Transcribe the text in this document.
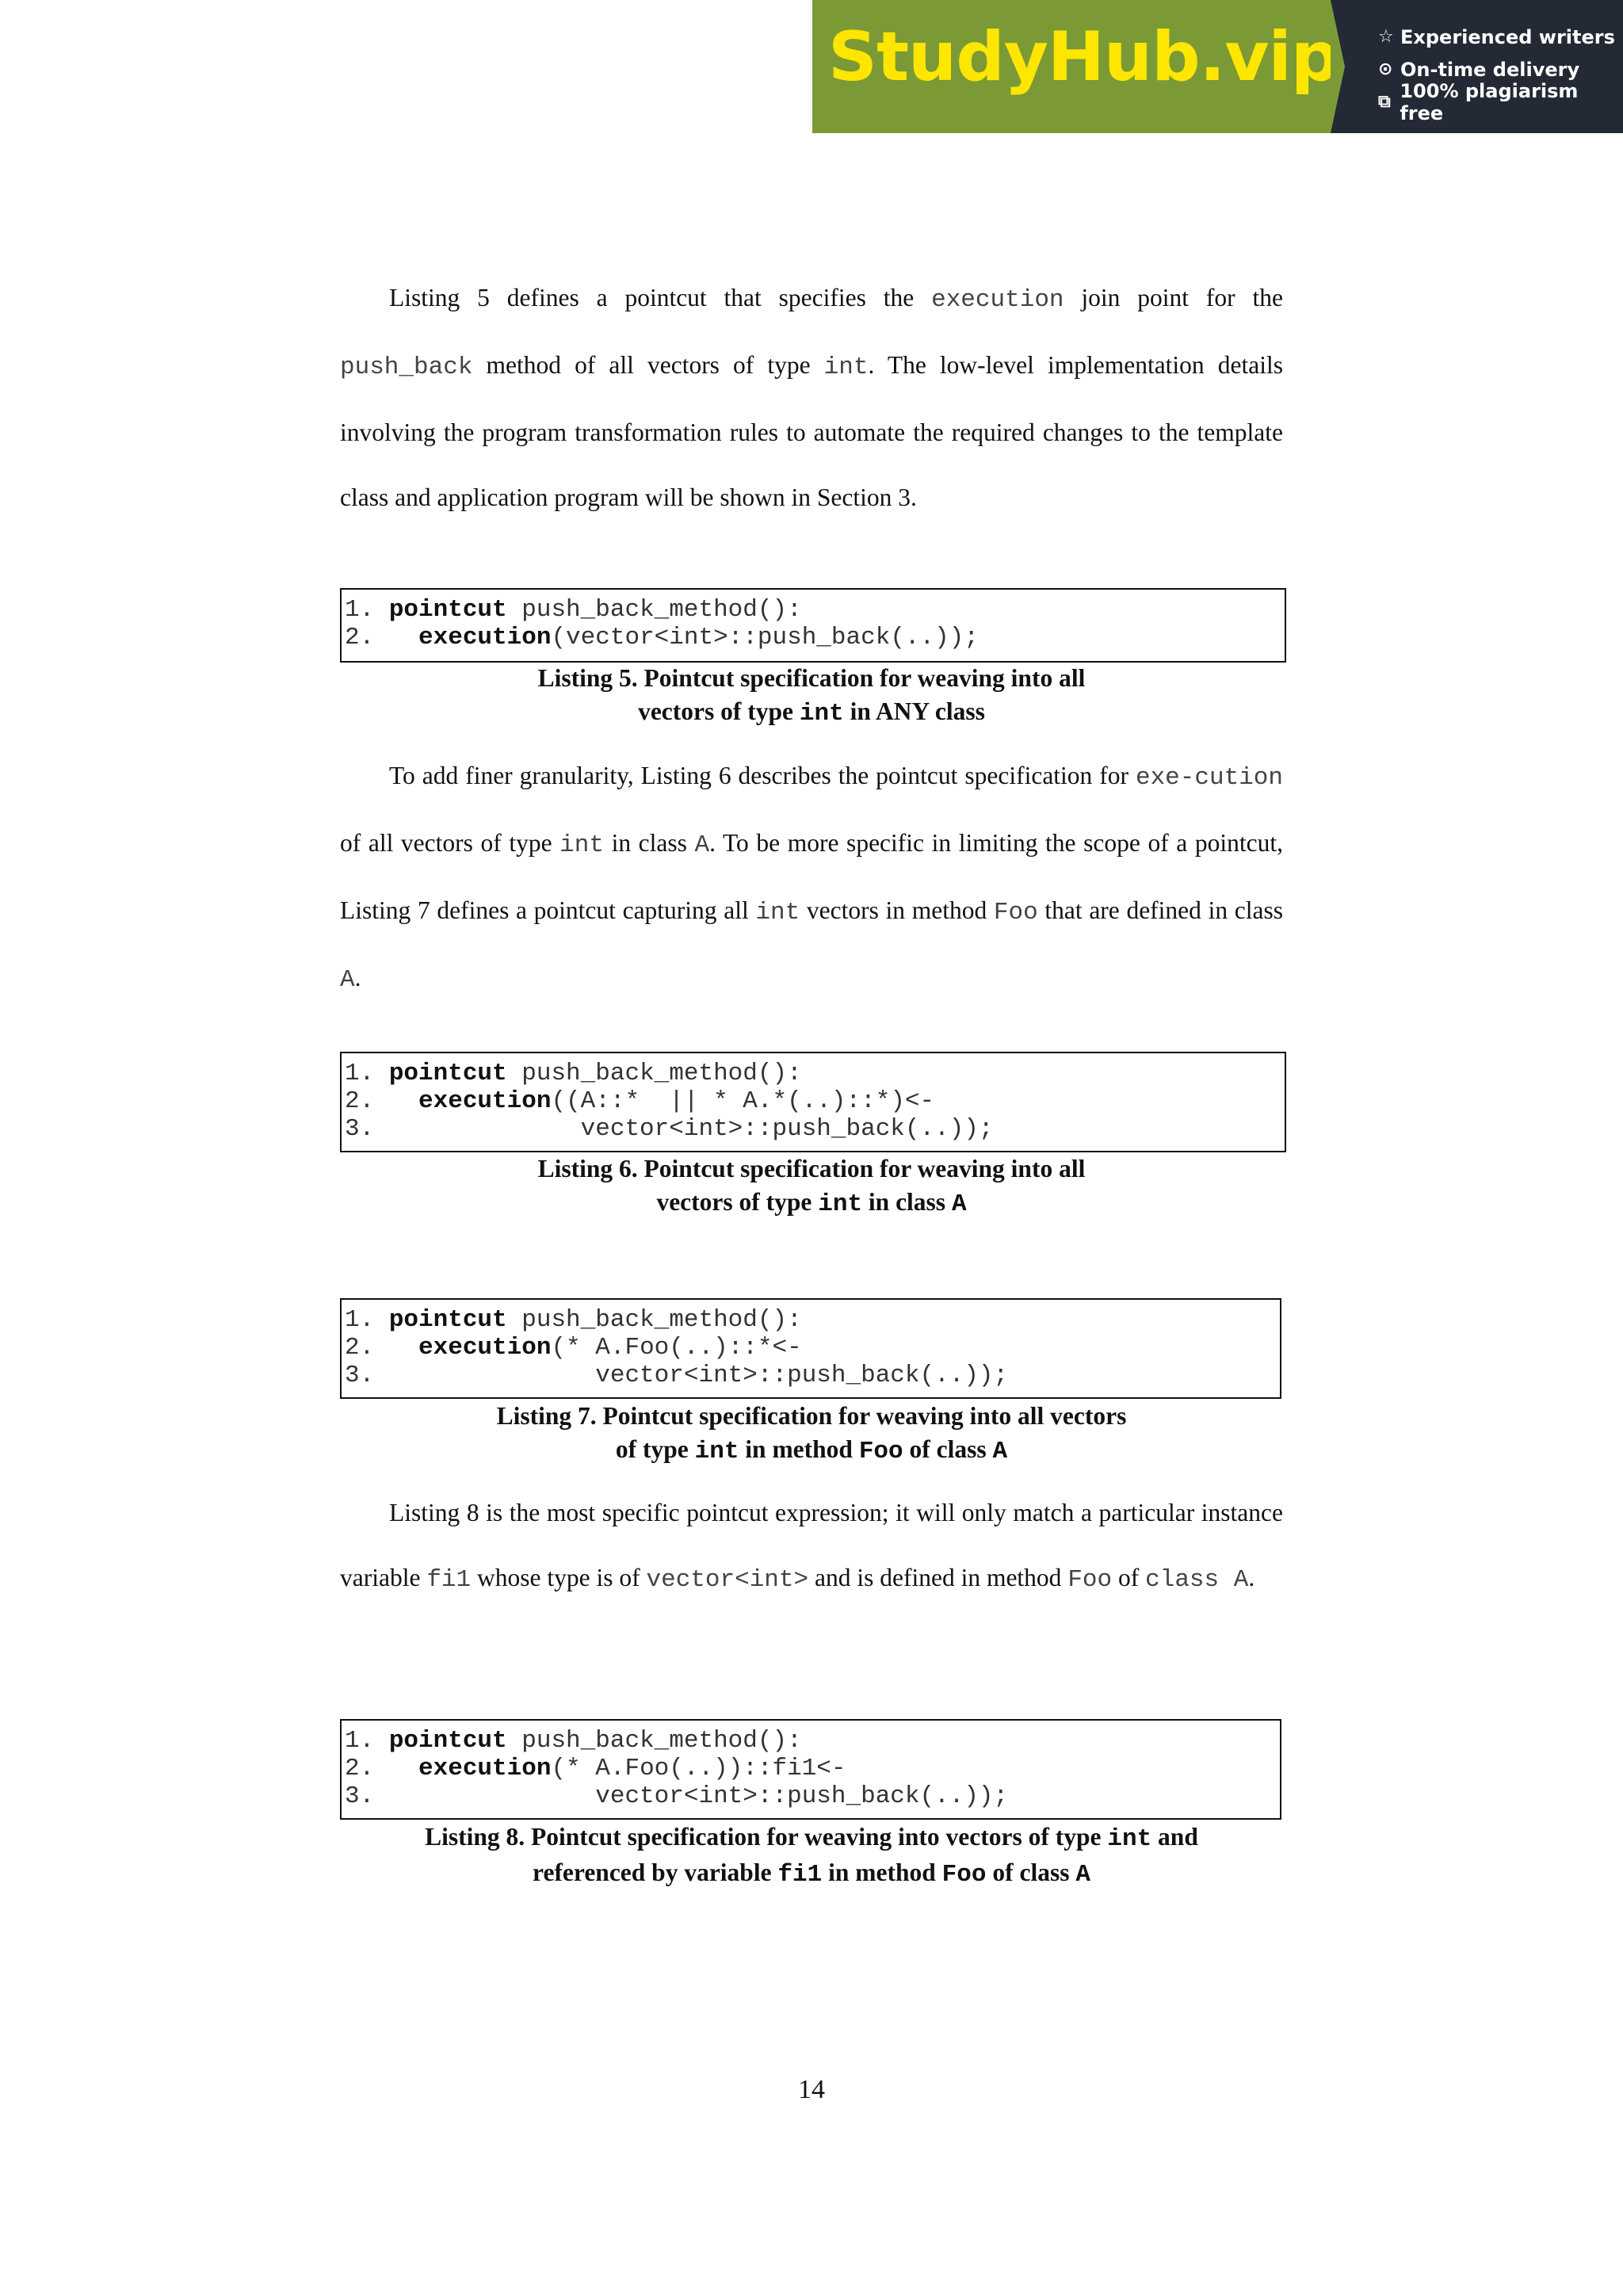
StudyHub.vip ☆ Experienced writers
⊙ On-time delivery
⧉ 100% plagiarism free

Listing 5 defines a pointcut that specifies the execution join point for the push_back method of all vectors of type int. The low-level implementation details involving the program transformation rules to automate the required changes to the template class and application program will be shown in Section 3.

1. pointcut push_back_method():
2.   execution(vector<int>::push_back(..));
Listing 5. Pointcut specification for weaving into all
vectors of type int in ANY class

To add finer granularity, Listing 6 describes the pointcut specification for exe-cution of all vectors of type int in class A. To be more specific in limiting the scope of a pointcut, Listing 7 defines a pointcut capturing all int vectors in method Foo that are defined in class A.

1. pointcut push_back_method():
2.   execution((A::*  || * A.*(..)::*)<-
3.              vector<int>::push_back(..));
Listing 6. Pointcut specification for weaving into all
vectors of type int in class A
1. pointcut push_back_method():
2.   execution(* A.Foo(..)::*<-
3.               vector<int>::push_back(..));
Listing 7. Pointcut specification for weaving into all vectors
of type int in method Foo of class A

Listing 8 is the most specific pointcut expression; it will only match a particular instance variable fi1 whose type is of vector<int> and is defined in method Foo of class A.

1. pointcut push_back_method():
2.   execution(* A.Foo(..))::fi1<-
3.               vector<int>::push_back(..));
Listing 8. Pointcut specification for weaving into vectors of type int and
referenced by variable fi1 in method Foo of class A
14
